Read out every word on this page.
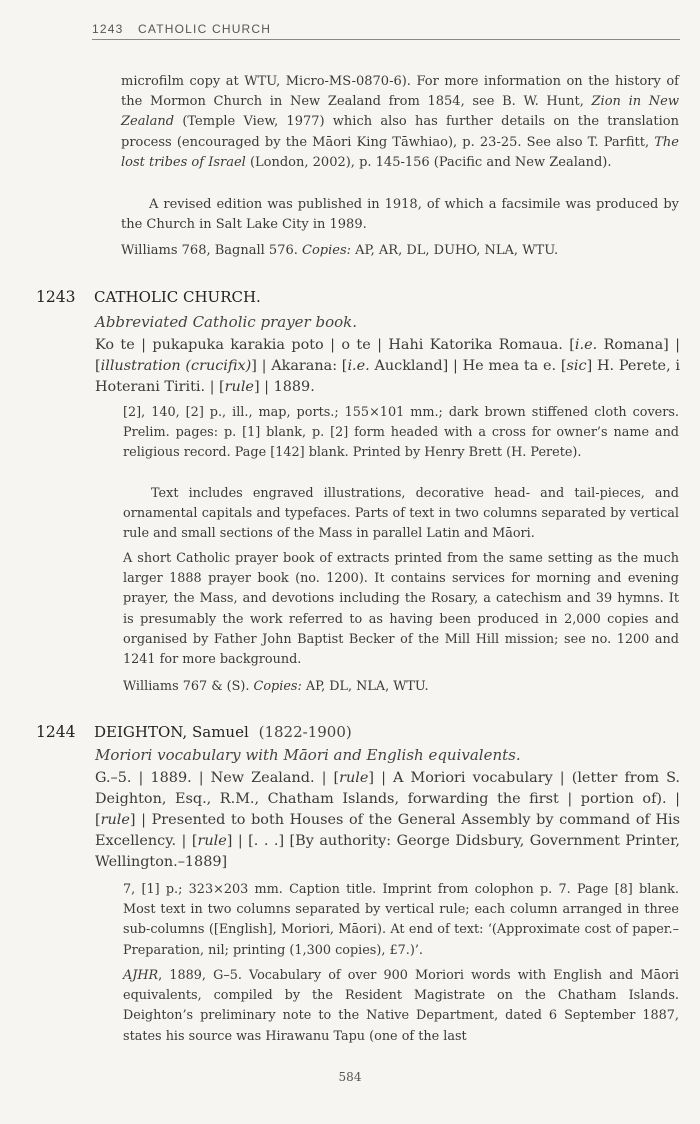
1243 CATHOLIC CHURCH

microfilm copy at WTU, Micro-MS-0870-6). For more information on the history of the Mormon Church in New Zealand from 1854, see B. W. Hunt, Zion in New Zealand (Temple View, 1977) which also has further details on the translation process (encouraged by the Māori King Tāwhiao), p. 23-25. See also T. Parfitt, The lost tribes of Israel (London, 2002), p. 145-156 (Pacific and New Zealand).

A revised edition was published in 1918, of which a facsimile was produced by the Church in Salt Lake City in 1989.

Williams 768, Bagnall 576. Copies: AP, AR, DL, DUHO, NLA, WTU.

1243 CATHOLIC CHURCH.
Abbreviated Catholic prayer book.

Ko te | pukapuka karakia poto | o te | Hahi Katorika Romaua. [i.e. Romana] | [illustration (crucifix)] | Akarana: [i.e. Auckland] | He mea ta e. [sic] H. Perete, i Hoterani Tiriti. | [rule] | 1889.

[2], 140, [2] p., ill., map, ports.; 155×101 mm.; dark brown stiffened cloth covers. Prelim. pages: p. [1] blank, p. [2] form headed with a cross for owner’s name and religious record. Page [142] blank. Printed by Henry Brett (H. Perete).

Text includes engraved illustrations, decorative head- and tail-pieces, and ornamental capitals and typefaces. Parts of text in two columns separated by vertical rule and small sections of the Mass in parallel Latin and Māori.

A short Catholic prayer book of extracts printed from the same setting as the much larger 1888 prayer book (no. 1200). It contains services for morning and evening prayer, the Mass, and devotions including the Rosary, a catechism and 39 hymns. It is presumably the work referred to as having been produced in 2,000 copies and organised by Father John Baptist Becker of the Mill Hill mission; see no. 1200 and 1241 for more background.

Williams 767 & (S). Copies: AP, DL, NLA, WTU.

1244 DEIGHTON, Samuel (1822-1900)
Moriori vocabulary with Māori and English equivalents.

G.–5. | 1889. | New Zealand. | [rule] | A Moriori vocabulary | (letter from S. Deighton, Esq., R.M., Chatham Islands, forwarding the first | portion of). | [rule] | Presented to both Houses of the General Assembly by command of His Excellency. | [rule] | [. . .] [By authority: George Didsbury, Government Printer, Wellington.–1889]

7, [1] p.; 323×203 mm. Caption title. Imprint from colophon p. 7. Page [8] blank. Most text in two columns separated by vertical rule; each column arranged in three sub-columns ([English], Moriori, Māori). At end of text: ‘(Approximate cost of paper.–Preparation, nil; printing (1,300 copies), £7.)’.

AJHR, 1889, G–5. Vocabulary of over 900 Moriori words with English and Māori equivalents, compiled by the Resident Magistrate on the Chatham Islands. Deighton’s preliminary note to the Native Department, dated 6 September 1887, states his source was Hirawanu Tapu (one of the last

584
